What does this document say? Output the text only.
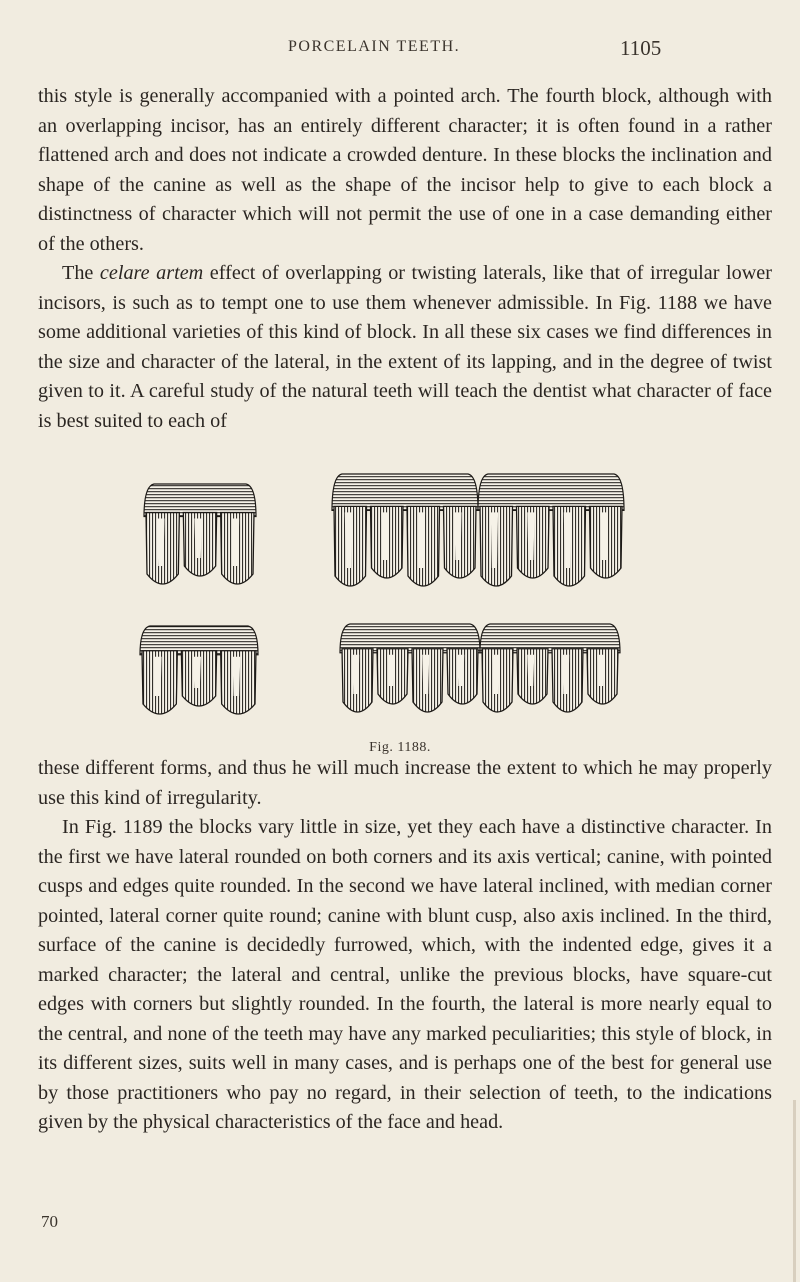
PORCELAIN TEETH.	1105

this style is generally accompanied with a pointed arch. The fourth block, although with an overlapping incisor, has an entirely different character; it is often found in a rather flattened arch and does not indicate a crowded denture. In these blocks the inclination and shape of the canine as well as the shape of the incisor help to give to each block a distinctness of character which will not permit the use of one in a case demanding either of the others.

The celare artem effect of overlapping or twisting laterals, like that of irregular lower incisors, is such as to tempt one to use them whenever admissible. In Fig. 1188 we have some additional varieties of this kind of block. In all these six cases we find differences in the size and character of the lateral, in the extent of its lapping, and in the degree of twist given to it. A careful study of the natural teeth will teach the dentist what character of face is best suited to each of

Fig. 1188.

these different forms, and thus he will much increase the extent to which he may properly use this kind of irregularity.

In Fig. 1189 the blocks vary little in size, yet they each have a distinctive character. In the first we have lateral rounded on both corners and its axis vertical; canine, with pointed cusps and edges quite rounded. In the second we have lateral inclined, with median corner pointed, lateral corner quite round; canine with blunt cusp, also axis inclined. In the third, surface of the canine is decidedly furrowed, which, with the indented edge, gives it a marked character; the lateral and central, unlike the previous blocks, have square-cut edges with corners but slightly rounded. In the fourth, the lateral is more nearly equal to the central, and none of the teeth may have any marked peculiarities; this style of block, in its different sizes, suits well in many cases, and is perhaps one of the best for general use by those practitioners who pay no regard, in their selection of teeth, to the indications given by the physical characteristics of the face and head.

70
